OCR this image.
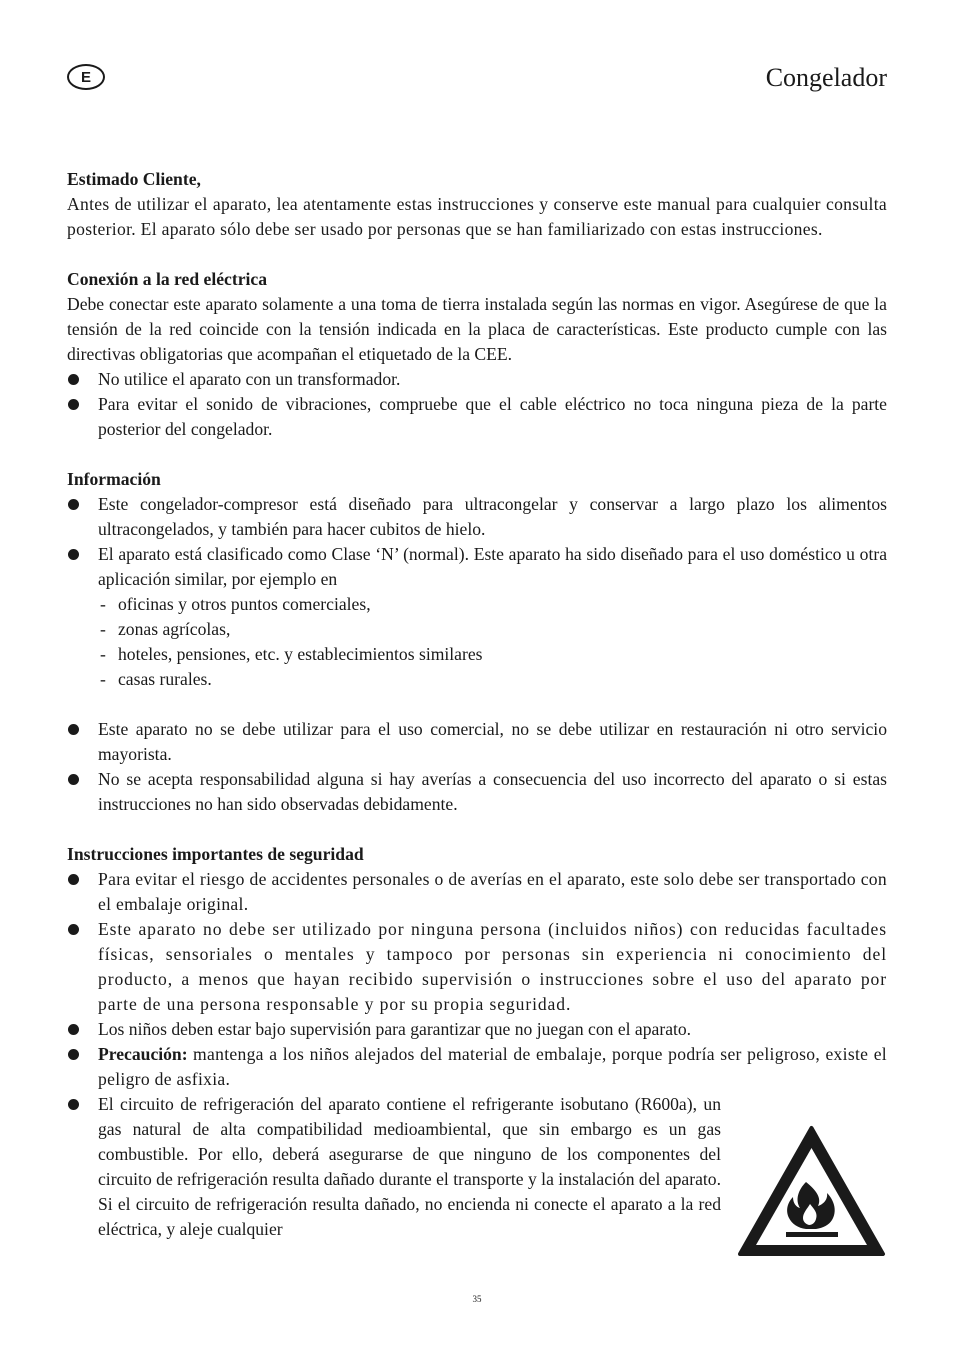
E	Congelador

Estimado Cliente,

Antes de utilizar el aparato, lea atentamente estas instrucciones y conserve este manual para cualquier consulta posterior. El aparato sólo debe ser usado por personas que se han familiarizado con estas instrucciones.

Conexión a la red eléctrica

Debe conectar este aparato solamente a una toma de tierra instalada según las normas en vigor. Asegúrese de que la tensión de la red coincide con la tensión indicada en la placa de características. Este producto cumple con las directivas obligatorias que acompañan el etiquetado de la CEE.

No utilice el aparato con un transformador.
Para evitar el sonido de vibraciones, compruebe que el cable eléctrico no toca ninguna pieza de la parte posterior del congelador.

Información

Este congelador-compresor está diseñado para ultracongelar y conservar a largo plazo los alimentos ultracongelados, y también para hacer cubitos de hielo.
El aparato está clasificado como Clase ‘N’ (normal). Este aparato ha sido diseñado para el uso doméstico u otra aplicación similar, por ejemplo en
- oficinas y otros puntos comerciales,
- zonas agrícolas,
- hoteles, pensiones, etc. y establecimientos similares
- casas rurales.
Este aparato no se debe utilizar para el uso comercial, no se debe utilizar en restauración ni otro servicio mayorista.
No se acepta responsabilidad alguna si hay averías a consecuencia del uso incorrecto del aparato o si estas instrucciones no han sido observadas debidamente.

Instrucciones importantes de seguridad

Para evitar el riesgo de accidentes personales o de averías en el aparato, este solo debe ser transportado con el embalaje original.
Este aparato no debe ser utilizado por ninguna persona (incluidos niños) con reducidas facultades físicas, sensoriales o mentales y tampoco por personas sin experiencia ni conocimiento del producto, a menos que hayan recibido supervisión o instrucciones sobre el uso del aparato por parte de una persona responsable y por su propia seguridad.
Los niños deben estar bajo supervisión para garantizar que no juegan con el aparato.
Precaución: mantenga a los niños alejados del material de embalaje, porque podría ser peligroso, existe el peligro de asfixia.
El circuito de refrigeración del aparato contiene el refrigerante isobutano (R600a), un gas natural de alta compatibilidad medioambiental, que sin embargo es un gas combustible. Por ello, deberá asegurarse de que ninguno de los componentes del circuito de refrigeración resulta dañado durante el transporte y la instalación del aparato. Si el circuito de refrigeración resulta dañado, no encienda ni conecte el aparato a la red eléctrica, y aleje cualquier
35
